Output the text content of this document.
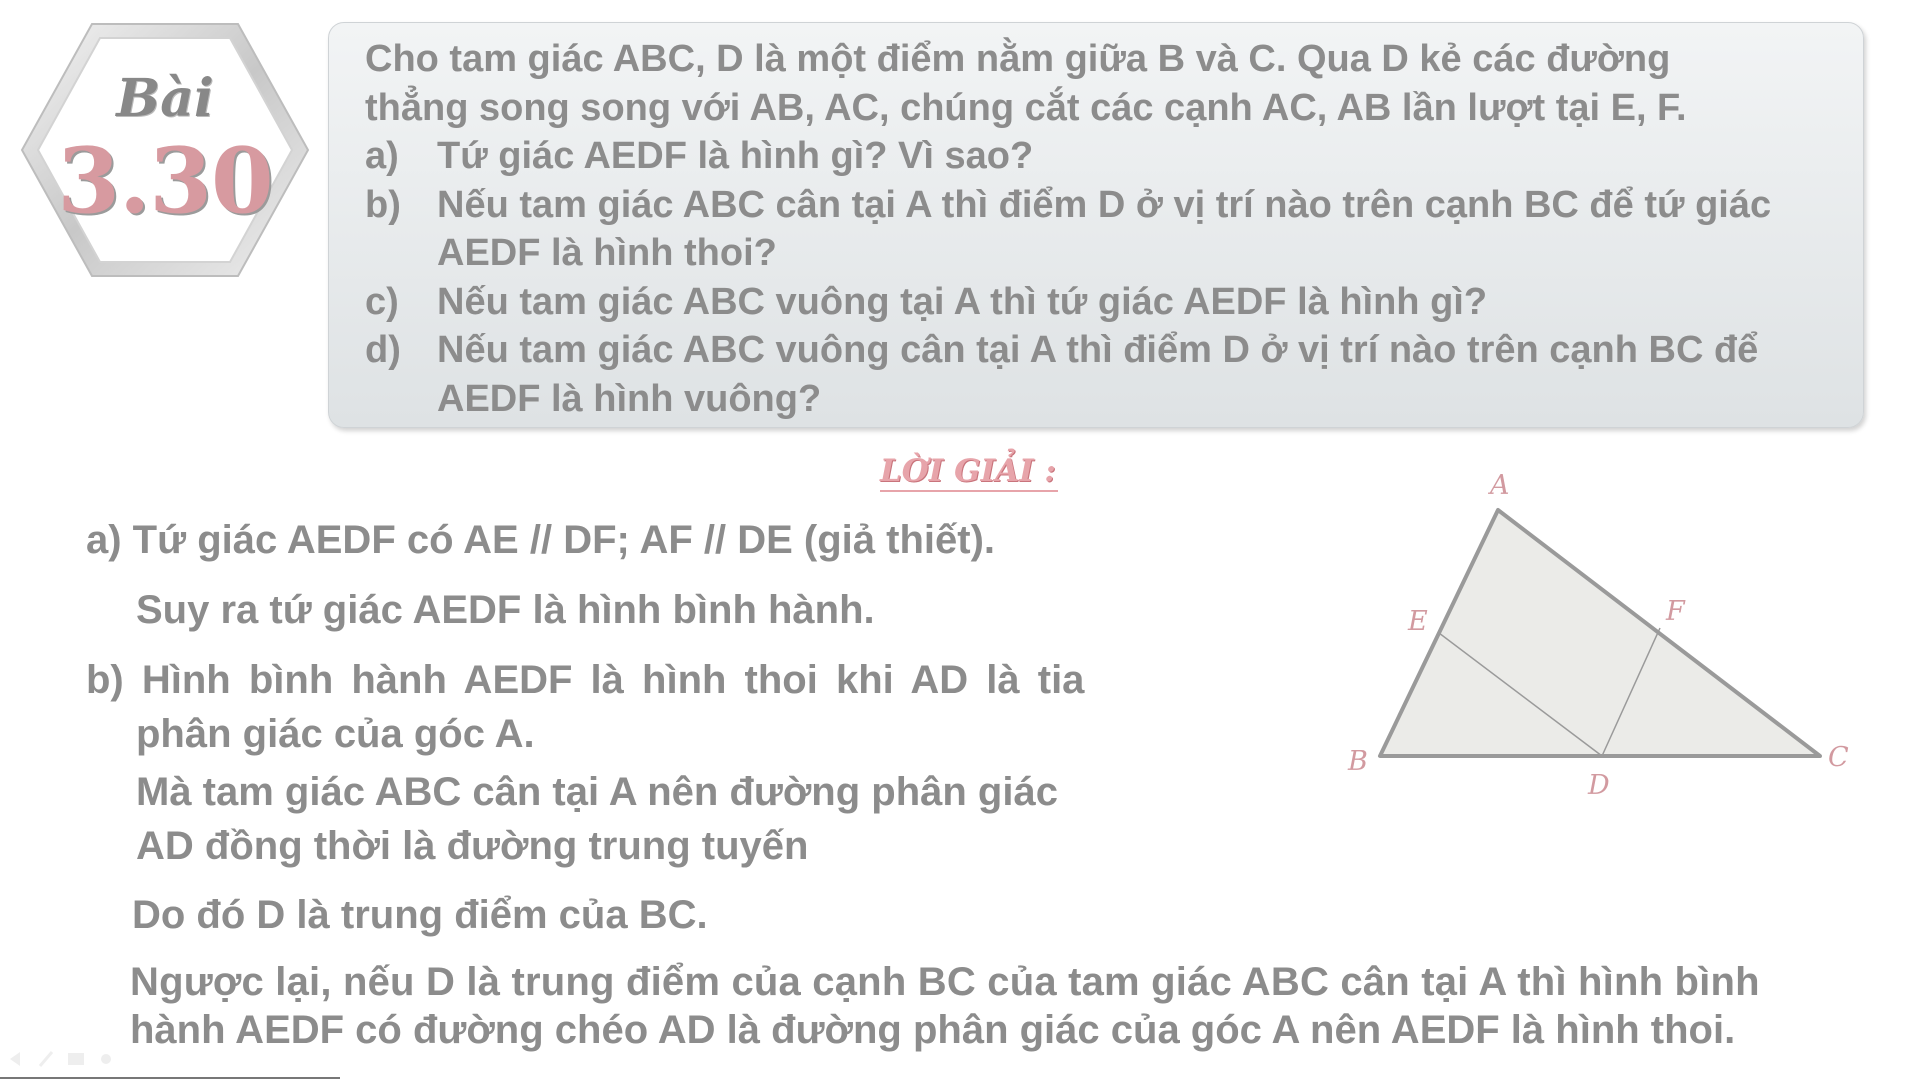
Bài
3.30
Cho tam giác ABC, D là một điểm nằm giữa B và C. Qua D kẻ các đường
thẳng song song với AB, AC, chúng cắt các cạnh AC, AB lần lượt tại E, F.
a)	Tứ giác AEDF là hình gì? Vì sao?
b) Nếu tam giác ABC cân tại A thì điểm D ở vị trí nào trên cạnh BC để tứ giác AEDF là hình thoi?
c)	Nếu tam giác ABC vuông tại A thì tứ giác AEDF là hình gì?
d) Nếu tam giác ABC vuông cân tại A thì điểm D ở vị trí nào trên cạnh BC để AEDF là hình vuông?
LỜI GIẢI :
a) Tứ giác AEDF có AE // DF; AF // DE (giả thiết).
Suy ra tứ giác AEDF là hình bình hành.
b) Hình bình hành AEDF là hình thoi khi AD là tia
phân giác của góc A.
Mà tam giác ABC cân tại A nên đường phân giác
AD đồng thời là đường trung tuyến
Do đó D là trung điểm của BC.
Ngược lại, nếu D là trung điểm của cạnh BC của tam giác ABC cân tại A thì hình bình
hành AEDF có đường chéo AD là đường phân giác của góc A nên AEDF là hình thoi.
A
E	F
B
D
C
